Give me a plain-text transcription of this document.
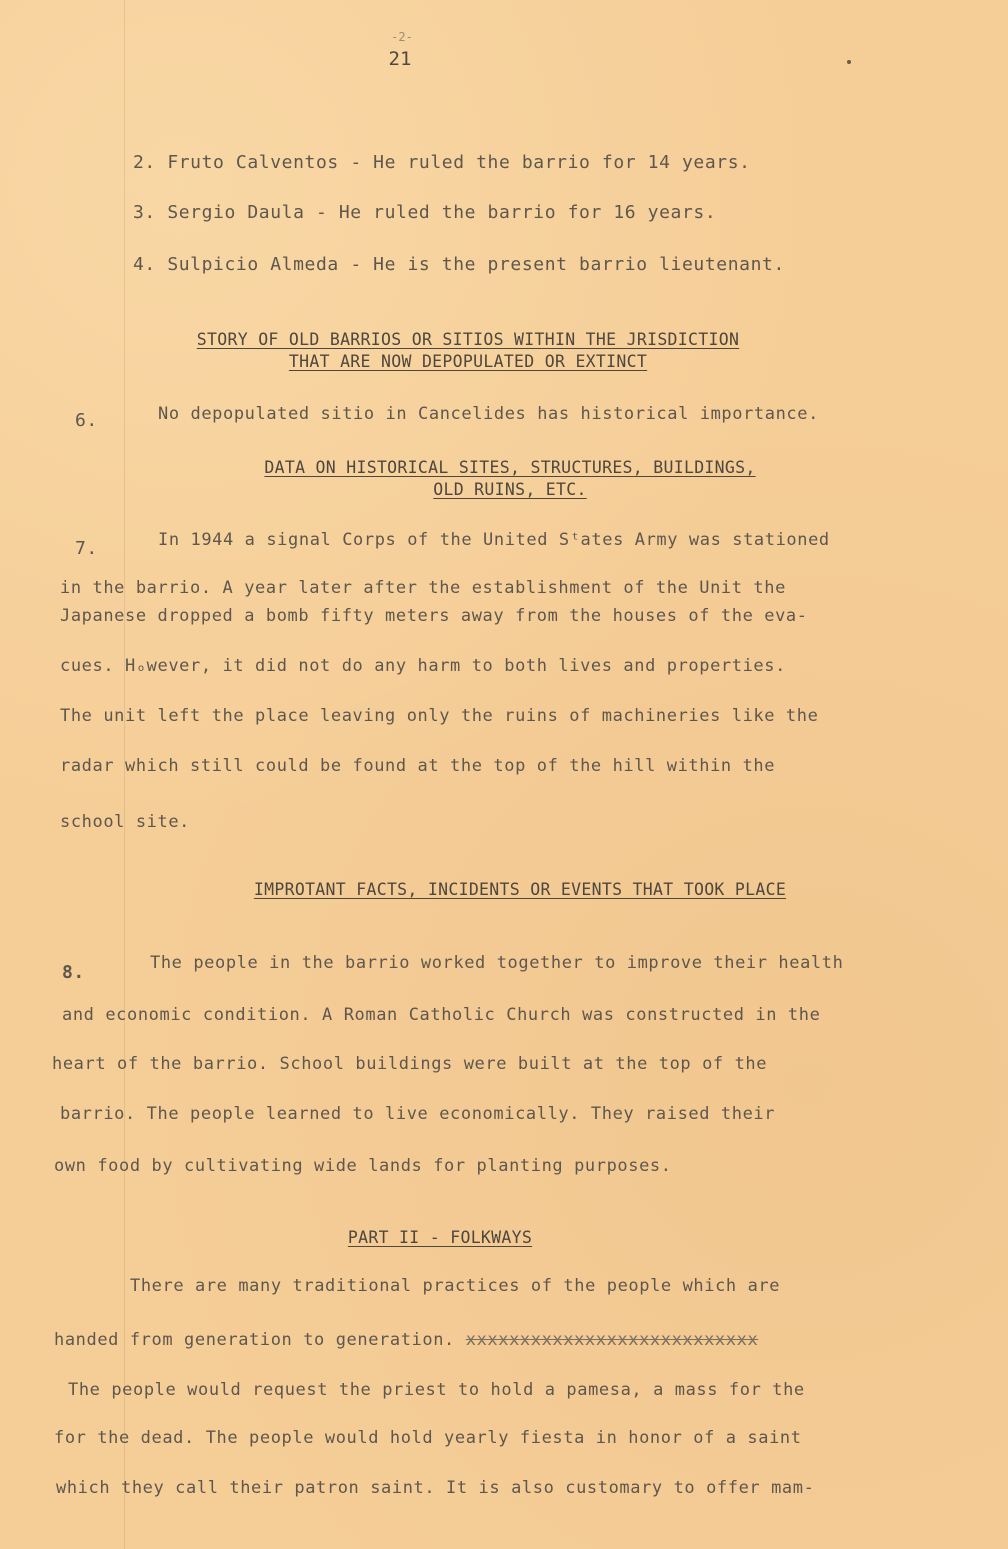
-2-
21
2. Fruto Calventos - He ruled the barrio for 14 years.
3. Sergio Daula - He ruled the barrio for 16 years.
4. Sulpicio Almeda - He is the present barrio lieutenant.
STORY OF OLD BARRIOS OR SITIOS WITHIN THE JRISDICTION
THAT ARE NOW DEPOPULATED OR EXTINCT
6.	No depopulated sitio in Cancelides has historical importance.
DATA ON HISTORICAL SITES, STRUCTURES, BUILDINGS,
OLD RUINS, ETC.
7.	In 1944 a signal Corps of the United Sᵗates Army was stationed
in the barrio. A year later after the establishment of the Unit the
Japanese dropped a bomb fifty meters away from the houses of the eva-
cues. Hₒwever, it did not do any harm to both lives and properties.
The unit left the place leaving only the ruins of machineries like the
radar which still could be found at the top of the hill within the
school site.
IMPROTANT FACTS, INCIDENTS OR EVENTS THAT TOOK PLACE
8.	The people in the barrio worked together to improve their health
and economic condition. A Roman Catholic Church was constructed in the
heart of the barrio. School buildings were built at the top of the
barrio. The people learned to live economically. They raised their
own food by cultivating wide lands for planting purposes.
PART II - FOLKWAYS
There are many traditional practices of the people which are
handed from generation to generation. xxxxxxxxxxxxxxxxxxxxxxxxxxx
The people would request the priest to hold a pamesa, a mass for the
for the dead. The people would hold yearly fiesta in honor of a saint
which they call their patron saint. It is also customary to offer mam-
